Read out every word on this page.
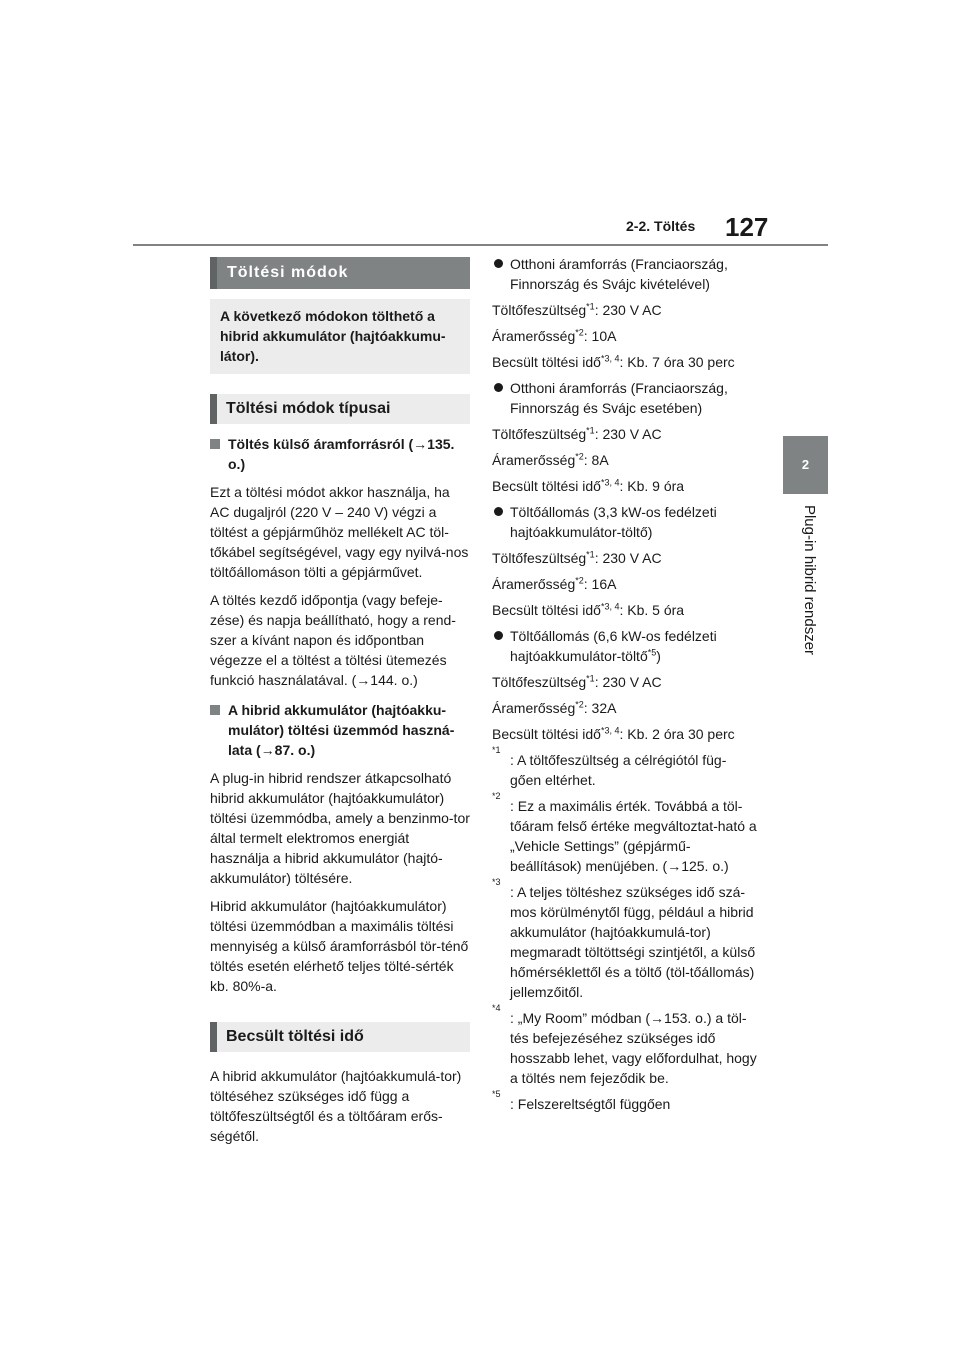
2-2. Töltés 127
2
Plug-in hibrid rendszer
Töltési módok
A következő módokon tölthető a hibrid akkumulátor (hajtóakkumu-látor).
Töltési módok típusai
Töltés külső áramforrásról (→135. o.)

Ezt a töltési módot akkor használja, ha AC dugaljról (220 V – 240 V) végzi a töltést a gépjárműhöz mellékelt AC töl-tőkábel segítségével, vagy egy nyilvá-nos töltőállomáson tölti a gépjárművet.

A töltés kezdő időpontja (vagy befeje-zése) és napja beállítható, hogy a rend-szer a kívánt napon és időpontban végezze el a töltést a töltési ütemezés funkció használatával. (→144. o.)

A hibrid akkumulátor (hajtóakku-mulátor) töltési üzemmód haszná-lata (→87. o.)

A plug-in hibrid rendszer átkapcsolható hibrid akkumulátor (hajtóakkumulátor) töltési üzemmódba, amely a benzinmo-tor által termelt elektromos energiát használja a hibrid akkumulátor (hajtó-akkumulátor) töltésére.

Hibrid akkumulátor (hajtóakkumulátor) töltési üzemmódban a maximális töltési mennyiség a külső áramforrásból tör-ténő töltés esetén elérhető teljes tölté-sérték kb. 80%-a.

Becsült töltési idő

A hibrid akkumulátor (hajtóakkumulá-tor) töltéséhez szükséges idő függ a töltőfeszültségtől és a töltőáram erős-ségétől.

Otthoni áramforrás (Franciaország, Finnország és Svájc kivételével)
Töltőfeszültség$^{*1}$: 230 V AC
Áramerősség$^{*2}$: 10A
Becsült töltési idő$^{*3, 4}$: Kb. 7 óra 30 perc
Otthoni áramforrás (Franciaország, Finnország és Svájc esetében)
Töltőfeszültség$^{*1}$: 230 V AC
Áramerősség$^{*2}$: 8A
Becsült töltési idő$^{*3, 4}$: Kb. 9 óra
Töltőállomás (3,3 kW-os fedélzeti hajtóakkumulátor-töltő)
Töltőfeszültség$^{*1}$: 230 V AC
Áramerősség$^{*2}$: 16A
Becsült töltési idő$^{*3, 4}$: Kb. 5 óra
Töltőállomás (6,6 kW-os fedélzeti hajtóakkumulátor-töltő$^{*5}$)
Töltőfeszültség$^{*1}$: 230 V AC
Áramerősség$^{*2}$: 32A
Becsült töltési idő$^{*3, 4}$: Kb. 2 óra 30 perc
*1
: A töltőfeszültség a célrégiótól füg-gően eltérhet.
*2
: Ez a maximális érték. Továbbá a töl-tőáram felső értéke megváltoztat-ható a „Vehicle Settings” (gépjármű-beállítások) menüjében. (→125. o.)
*3
: A teljes töltéshez szükséges idő szá-mos körülménytől függ, például a hibrid akkumulátor (hajtóakkumulá-tor) megmaradt töltöttségi szintjétől, a külső hőmérséklettől és a töltő (töl-tőállomás) jellemzőitől.
*4
: „My Room” módban (→153. o.) a töl-tés befejezéséhez szükséges idő hosszabb lehet, vagy előfordulhat, hogy a töltés nem fejeződik be.
*5
: Felszereltségtől függően
